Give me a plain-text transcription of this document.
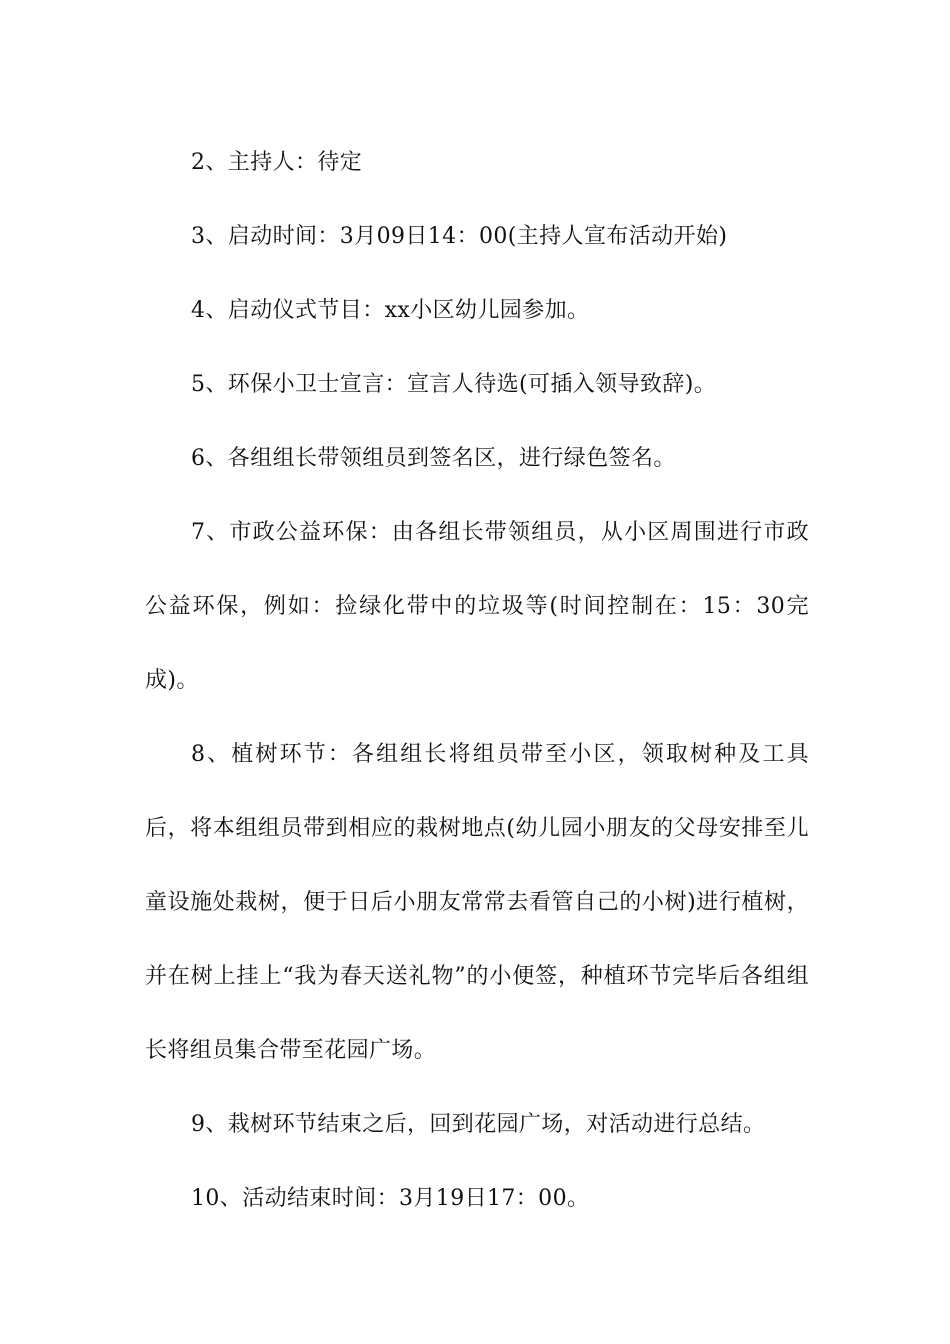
2、主持人：待定

3、启动时间：3月09日14：00(主持人宣布活动开始)

4、启动仪式节目：xx小区幼儿园参加。

5、环保小卫士宣言：宣言人待选(可插入领导致辞)。

6、各组组长带领组员到签名区，进行绿色签名。

7、市政公益环保：由各组长带领组员，从小区周围进行市政公益环保，例如：捡绿化带中的垃圾等(时间控制在：15：30完成)。

8、植树环节：各组组长将组员带至小区，领取树种及工具后，将本组组员带到相应的栽树地点(幼儿园小朋友的父母安排至儿童设施处栽树，便于日后小朋友常常去看管自己的小树)进行植树，并在树上挂上“我为春天送礼物”的小便签，种植环节完毕后各组组长将组员集合带至花园广场。

9、栽树环节结束之后，回到花园广场，对活动进行总结。

10、活动结束时间：3月19日17：00。
